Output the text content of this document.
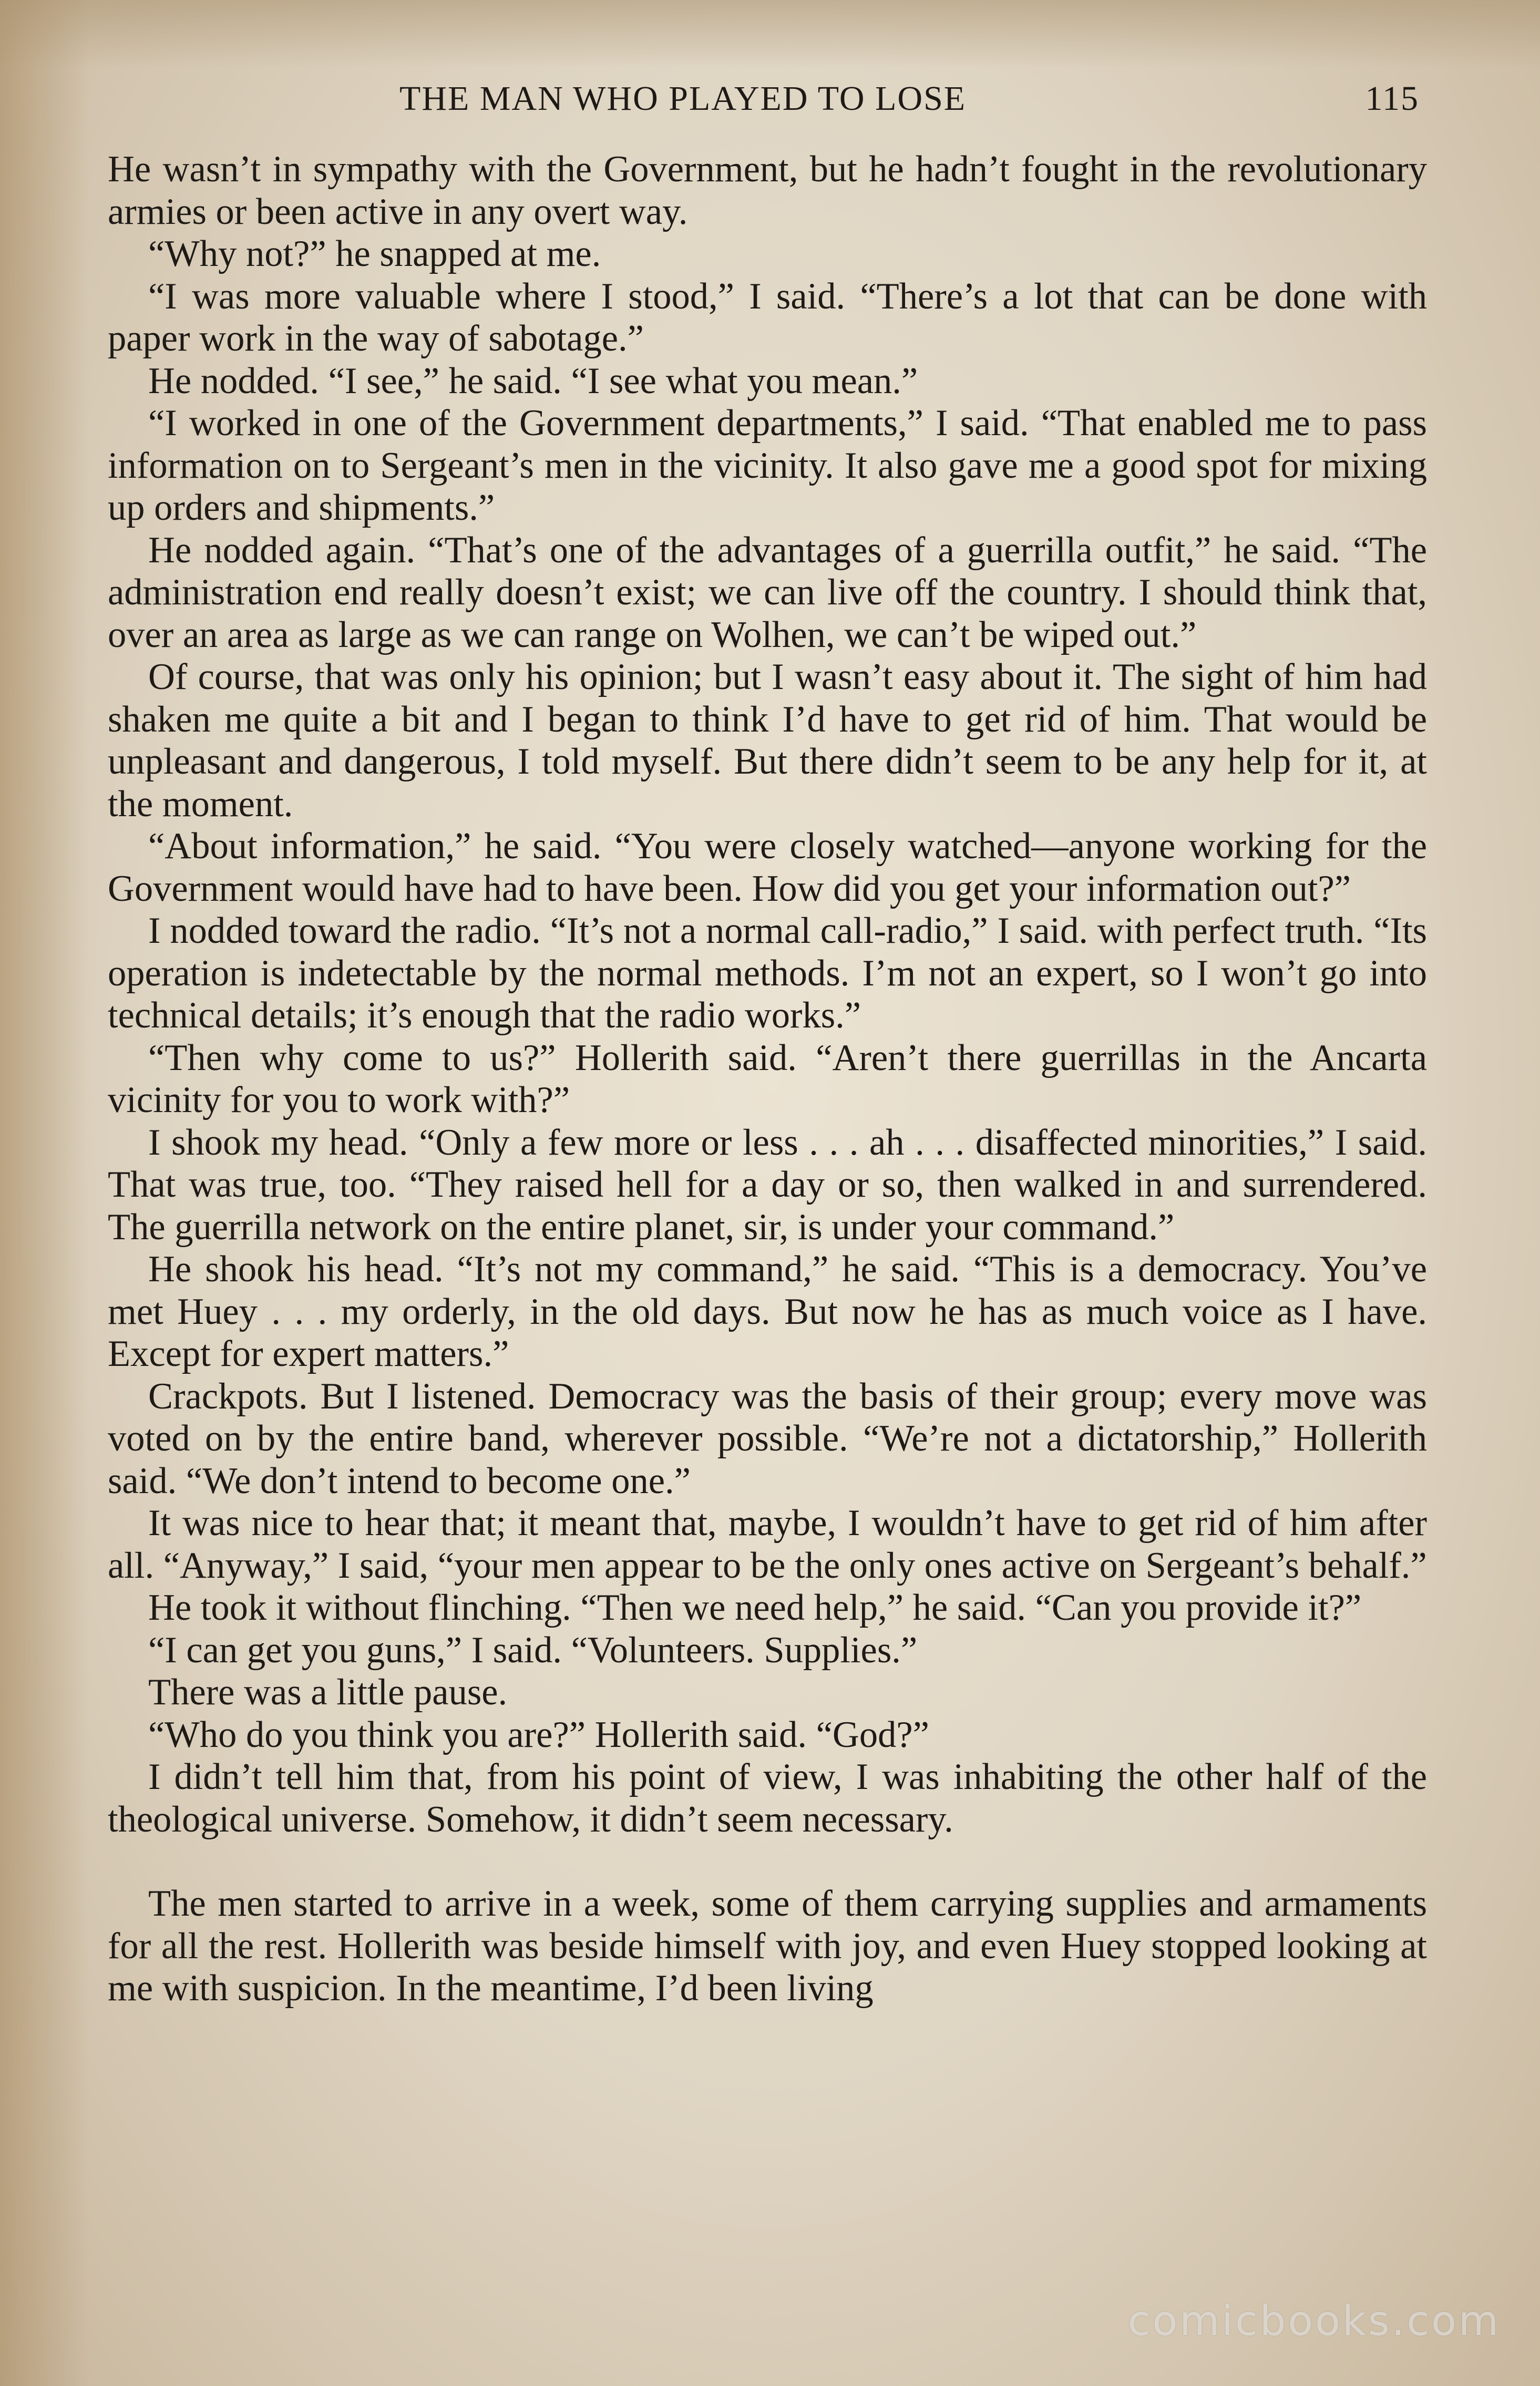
THE MAN WHO PLAYED TO LOSE	115

He wasn’t in sympathy with the Government, but he hadn’t fought in the revolutionary armies or been active in any overt way.

“Why not?” he snapped at me.

“I was more valuable where I stood,” I said. “There’s a lot that can be done with paper work in the way of sabotage.”

He nodded. “I see,” he said. “I see what you mean.”

“I worked in one of the Government departments,” I said. “That enabled me to pass information on to Sergeant’s men in the vicinity. It also gave me a good spot for mixing up orders and shipments.”

He nodded again. “That’s one of the advantages of a guerrilla outfit,” he said. “The administration end really doesn’t exist; we can live off the country. I should think that, over an area as large as we can range on Wolhen, we can’t be wiped out.”

Of course, that was only his opinion; but I wasn’t easy about it. The sight of him had shaken me quite a bit and I began to think I’d have to get rid of him. That would be unpleasant and dangerous, I told myself. But there didn’t seem to be any help for it, at the moment.

“About information,” he said. “You were closely watched—anyone working for the Government would have had to have been. How did you get your information out?”

I nodded toward the radio. “It’s not a normal call-radio,” I said. with perfect truth. “Its operation is indetectable by the normal methods. I’m not an expert, so I won’t go into technical details; it’s enough that the radio works.”

“Then why come to us?” Hollerith said. “Aren’t there guerrillas in the Ancarta vicinity for you to work with?”

I shook my head. “Only a few more or less . . . ah . . . disaffected minorities,” I said. That was true, too. “They raised hell for a day or so, then walked in and surrendered. The guerrilla network on the entire planet, sir, is under your command.”

He shook his head. “It’s not my command,” he said. “This is a democracy. You’ve met Huey . . . my orderly, in the old days. But now he has as much voice as I have. Except for expert matters.”

Crackpots. But I listened. Democracy was the basis of their group; every move was voted on by the entire band, wherever possible. “We’re not a dictatorship,” Hollerith said. “We don’t intend to become one.”

It was nice to hear that; it meant that, maybe, I wouldn’t have to get rid of him after all. “Anyway,” I said, “your men appear to be the only ones active on Sergeant’s behalf.”

He took it without flinching. “Then we need help,” he said. “Can you provide it?”

“I can get you guns,” I said. “Volunteers. Supplies.”

There was a little pause.

“Who do you think you are?” Hollerith said. “God?”

I didn’t tell him that, from his point of view, I was inhabiting the other half of the theological universe. Somehow, it didn’t seem necessary.

The men started to arrive in a week, some of them carrying supplies and armaments for all the rest. Hollerith was beside himself with joy, and even Huey stopped looking at me with suspicion. In the meantime, I’d been living

comicbooks.com
